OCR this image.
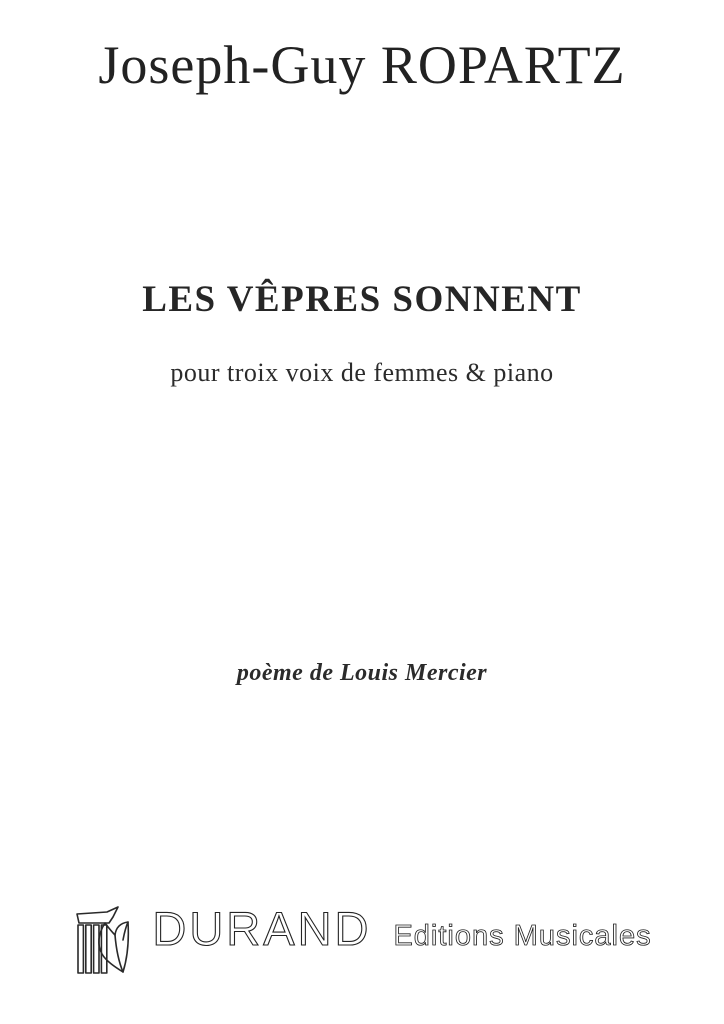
Joseph-Guy ROPARTZ
LES VÊPRES SONNENT
pour troix voix de femmes & piano
poème de Louis Mercier
DURAND Editions Musicales
